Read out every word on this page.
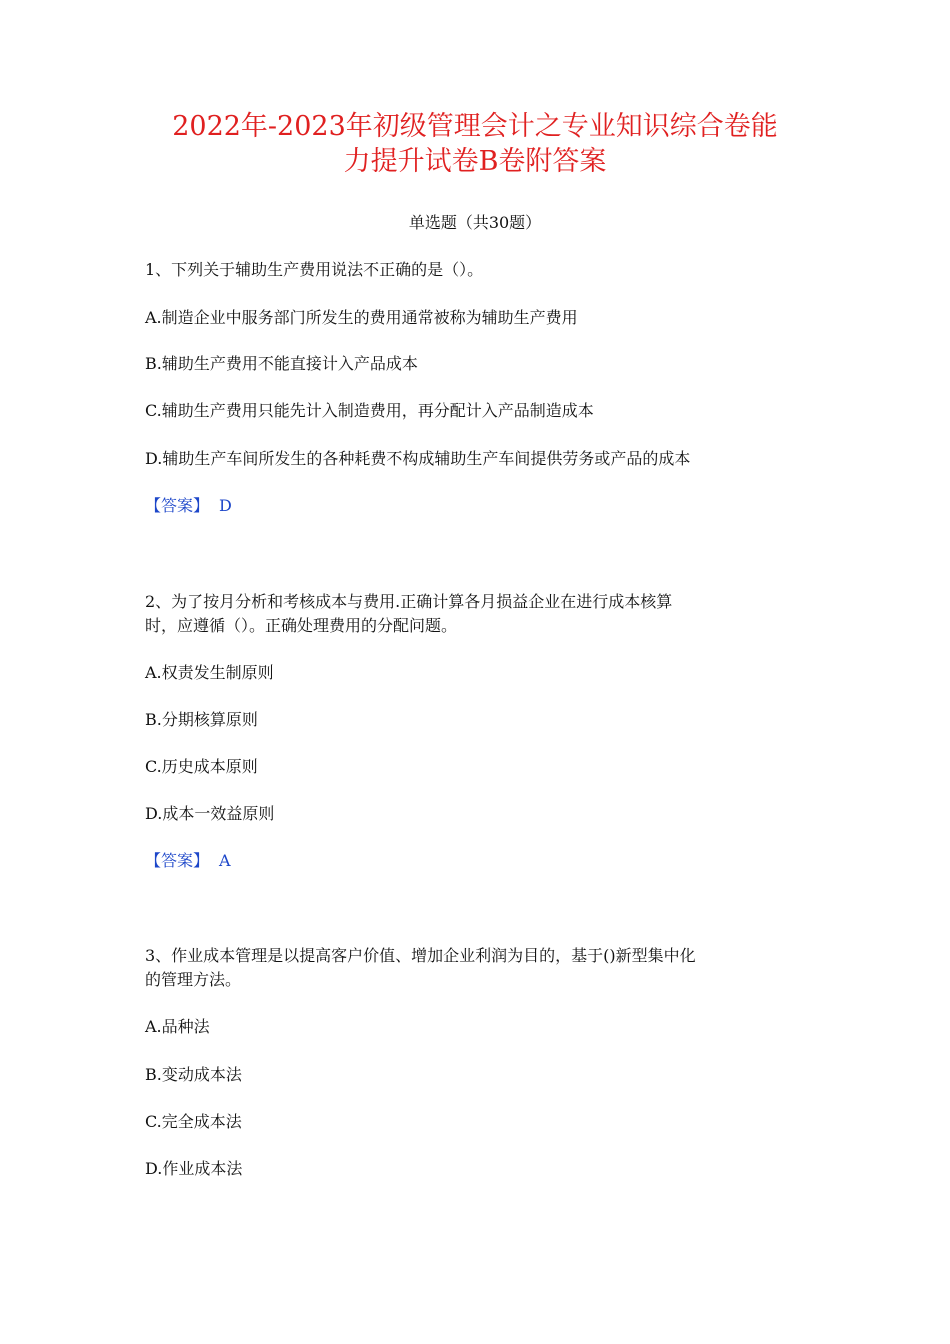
2022年-2023年初级管理会计之专业知识综合卷能
力提升试卷B卷附答案
单选题（共30题）
1、下列关于辅助生产费用说法不正确的是（）。
A.制造企业中服务部门所发生的费用通常被称为辅助生产费用
B.辅助生产费用不能直接计入产品成本
C.辅助生产费用只能先计入制造费用，再分配计入产品制造成本
D.辅助生产车间所发生的各种耗费不构成辅助生产车间提供劳务或产品的成本
【答案】 D
2、为了按月分析和考核成本与费用.正确计算各月损益企业在进行成本核算
时，应遵循（）。正确处理费用的分配问题。
A.权责发生制原则
B.分期核算原则
C.历史成本原则
D.成本一效益原则
【答案】 A
3、作业成本管理是以提高客户价值、增加企业利润为目的，基于()新型集中化
的管理方法。
A.品种法
B.变动成本法
C.完全成本法
D.作业成本法
